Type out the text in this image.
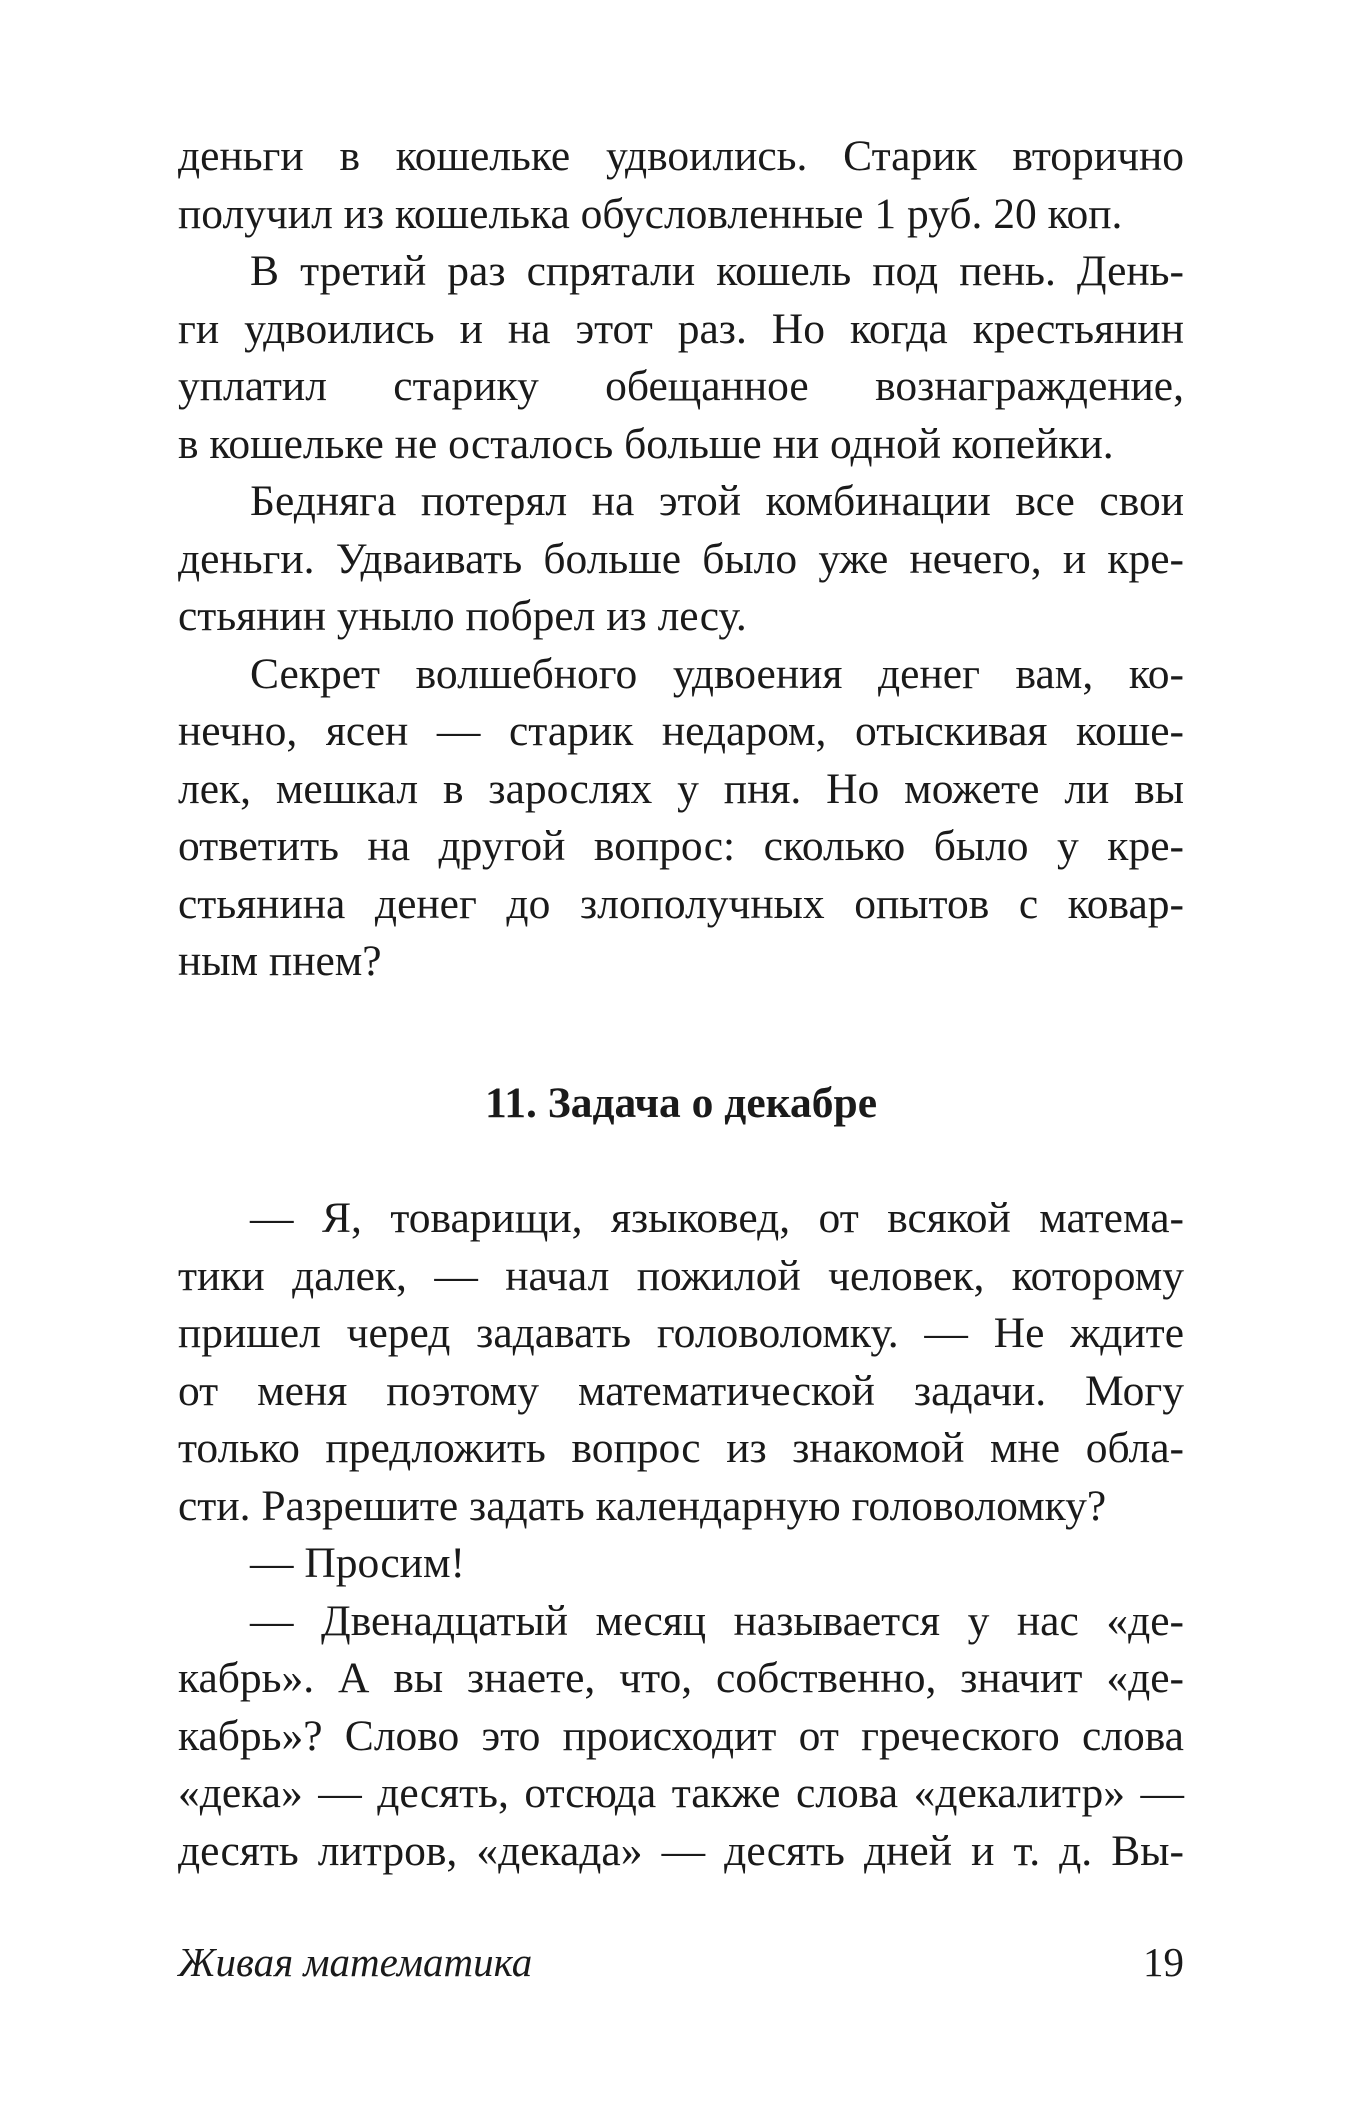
деньги в кошельке удвоились. Старик вторично
получил из кошелька обусловленные 1 руб. 20 коп.
В третий раз спрятали кошель под пень. День-
ги удвоились и на этот раз. Но когда крестьянин
уплатил старику обещанное вознаграждение,
в кошельке не осталось больше ни одной копейки.
Бедняга потерял на этой комбинации все свои
деньги. Удваивать больше было уже нечего, и кре-
стьянин уныло побрел из лесу.
Секрет волшебного удвоения денег вам, ко-
нечно, ясен — старик недаром, отыскивая коше-
лек, мешкал в зарослях у пня. Но можете ли вы
ответить на другой вопрос: сколько было у кре-
стьянина денег до злополучных опытов с ковар-
ным пнем?
11. Задача о декабре
— Я, товарищи, языковед, от всякой матема-
тики далек, — начал пожилой человек, которому
пришел черед задавать головоломку. — Не ждите
от меня поэтому математической задачи. Могу
только предложить вопрос из знакомой мне обла-
сти. Разрешите задать календарную головоломку?
— Просим!
— Двенадцатый месяц называется у нас «де-
кабрь». А вы знаете, что, собственно, значит «де-
кабрь»? Слово это происходит от греческого слова
«дека» — десять, отсюда также слова «декалитр» —
десять литров, «декада» — десять дней и т. д. Вы-
Живая математика	19
